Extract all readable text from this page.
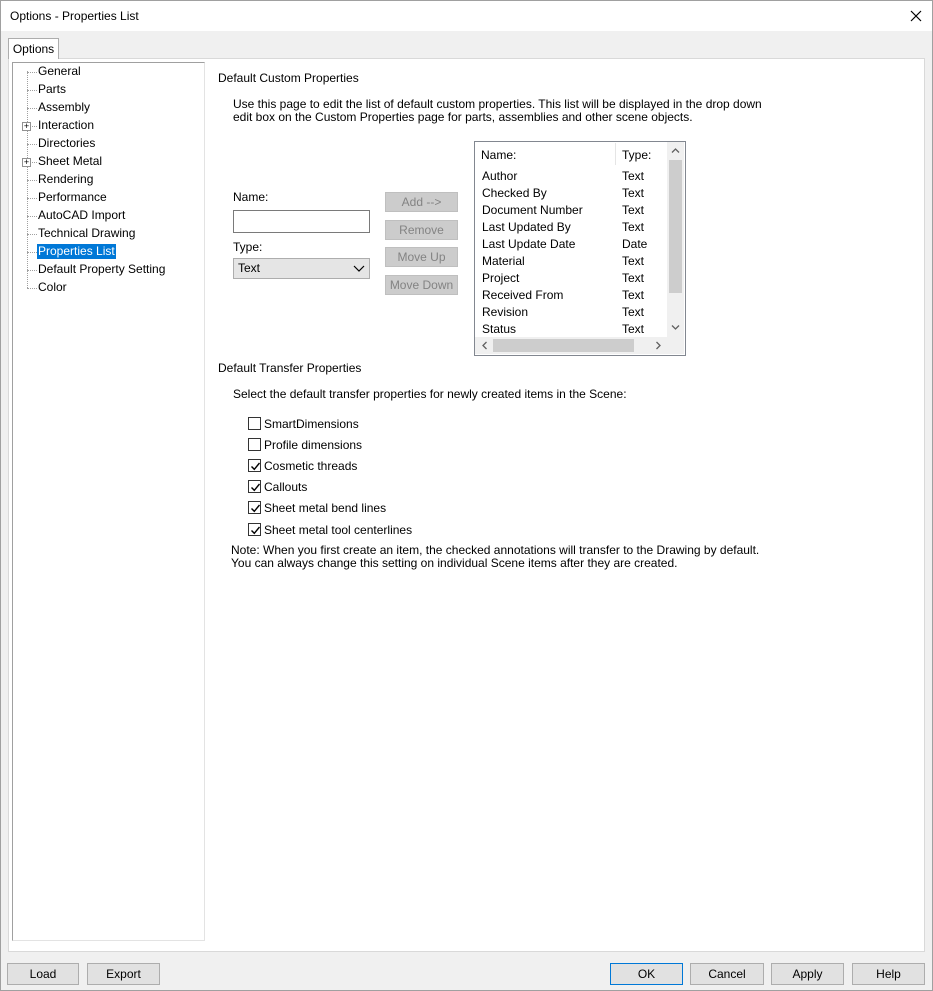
Options - Properties List
Options
General
Parts
Assembly
+ Interaction
Directories
+ Sheet Metal
Rendering
Performance
AutoCAD Import
Technical Drawing
Properties List
Default Property Setting
Color
Default Custom Properties
Use this page to edit the list of default custom properties. This list will be displayed in the drop down
edit box on the Custom Properties page for parts, assemblies and other scene objects.
Name:
Type:
Text
Add -->
Remove
Move Up
Move Down
Name:	Type:
Author	Text
Checked By	Text
Document Number	Text
Last Updated By	Text
Last Update Date	Date
Material	Text
Project	Text
Received From	Text
Revision	Text
Status	Text
Default Transfer Properties
Select the default transfer properties for newly created items in the Scene:
SmartDimensions
Profile dimensions
Cosmetic threads
Callouts
Sheet metal bend lines
Sheet metal tool centerlines
Note: When you first create an item, the checked annotations will transfer to the Drawing by default.
You can always change this setting on individual Scene items after they are created.
Load	Export	OK	Cancel	Apply	Help
